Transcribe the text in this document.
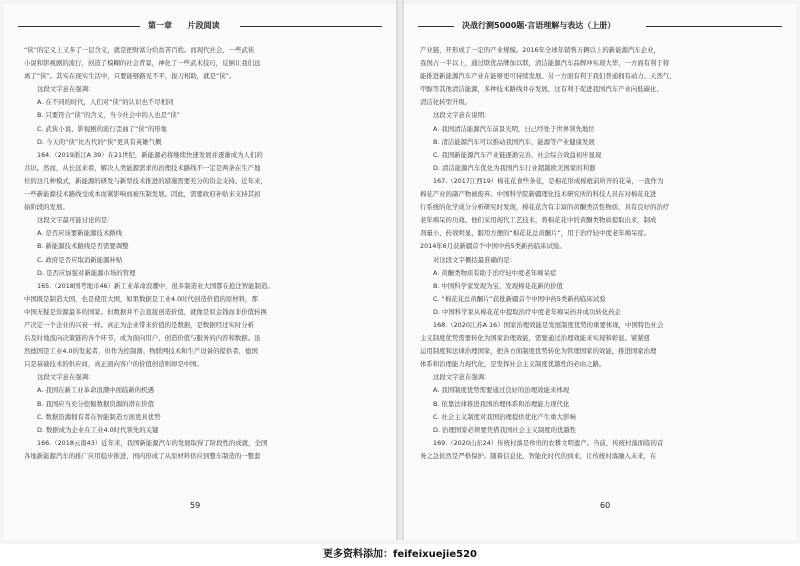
第一章 片段阅读

“侠”的定义上又多了一层含义，就是把财富分给贫苦百姓。而现代社会，一些武侠

小说和影视剧的流行，创造了模糊的社会背景，神化了一些武术技巧，反倒让我们远

离了“侠”。其实在现实生活中，只要能够路见不平，拔刀相助，就是“侠”。

这段文字意在强调：

A. 在不同的时代，人们对“侠”的认识也不尽相同

B. 只要符合“侠”的含义，当今社会中的人也是“侠”

C. 武侠小说、影视剧的流行歪曲了“侠”的形象

D. 今天的“侠”比古代的“侠”更具有英雄气概

164.（2019浙江A 39）在21世纪，新能源必将继续快速发展并逐渐成为人们的

共识。然而，从长远来看，解决人类能源需求的治理技术路线不一定是两条在生产地

位的这几种模式，新能源的研发与新型技术推进的措施需要充分的资金支持。近年来，

一些新能源技术路线受成本而紧影响而被压制发展。因此，需要政府补贴来支持其初

始阶段的发展。

这段文字最可能讨论的是：

A. 是否应该要新能源技术路线

B. 新能源技术路线是否需要调整

C. 政府是否应取消新能源补贴

D. 是否应加强对新能源市场的管理

165.（2018国考地市46）新工业革命浪潮中，很多制造业大国都在抢注智能制造。

中国既是制造大国，也是使用大国，如果数据是工业4.0时代创造价值的原材料，那

中国无疑是资源最多的国家。但数据并不会直接创造价值，就像是原金钱而非价值转换

产决定一个企业的兴衰一样。真正为企业带来价值的是数据，是数据经过实时分析

后及时地流向决策链的各个环节，成为面向用户、创造价值与服务的内容和数据。虽

然德国是工业4.0的发起者，但作为控制器、物联网技术和生产设备的提供者，德国

只是基础技术的供应商，真正面向客户的价值创造则却是中国。

这段文字意在强调：

A. 我国在新工业革命浪潮中面临新的机遇

B. 我国应当充分挖掘数据资源的潜在价值

C. 数据资源拥有者在智能制造方面更具优势

D. 数据成为企业在工业4.0时代领先的关键

166.（2018云南43）近年来，我国新能源汽车的发展取得了阶段性的成就，全国

各地新能源汽车的推广应用稳步推进，国内形成了从原材料供应到整车制造的一整套

59
决战行测5000题·言语理解与表达（上册）

产业链，开形成了一定的产业规模。2016年全球年销售万辆以上的新能源汽车企业，

我国占一半以上，通过联优品牌加以联，清洁能源汽车品牌冲实现大华，一方面有利于将

能推进新能源汽车产业在能够更可持续发展。另一方面有利于我们普通拥有动力、天然气、

甲醇等其他清洁能源，多种技术路线并存发展，这有利于促进我国汽车产业向低碳化、

清洁化转型升级。

这段文字意在说明：

A. 我国清洁能源汽车前景光明，日已经处于世界领先地位

B. 清洁能源汽车可以推动我国汽车、能源等产业健康发展

C. 我国新能源汽车产业链逐渐完善，社会综合效益初步显现

D. 清洁能源汽车优化为我国汽车行业超越欧美国家的利器

167.（2017江西19）棉花花食些条花，是棉花形成棉植前所开的花朵，一直作为

棉花产业的副产物被废弃。中国科学院新疆理化技术研究所的科技人员在对棉花花进

行系统的化学成分分析研究时发现，棉花花含有丰富的黄酮类活性物质，具有良好的治疗

老年痴呆的功效。他们采用现代工艺技术，将棉花花中的黄酮类物质提取出来，制成

剂量小、药效明显、服用方便的“棉花花总黄酮片”，用于治疗轻中度老年痴呆症。

2014年6月获新疆首个中国中药5类新药临床试验。

对这段文字概括最准确的是：

A. 黄酮类物质有助于治疗轻中度老年痴呆症

B. 中国科学家发现为宝，发现棉花花新的价值

C. “棉花花总黄酮片”获批新疆首个中国中药5类新药临床试验

D. 中国科学家从棉花花中提取治疗中度老年痴呆药并成功转化药企

168.（2020江苏A 16）国家治理效能是发展制度优势的重要体现，中国特色社会

主义制度优势需要转化为国家治理效能，需要通过治理效能来实现和彰显。紧紧扭

运用制度和法律治理国家，把各方面制度优势转化为管理国家的效能，推进国家治理

体系和治理能力现代化，是发挥社会主义制度优越性的必由之路。

这段文字意在强调：

A. 我国制度优势需要通过良好的治理效能来体现

B. 依靠法律推进我国治理体系和治理能力现代化

C. 社会主义制度对我国治理提供优化产生重大影响

D. 治理国家必须要凭借我国社会主义制度的优越性

169.（2020山东24）传统村落是珍贵的农耕文明遗产。当前，传统村落面临的首

务之急依然是严格保护。随着信息化、智能化时代的到来，让传统村落融入未来，在

60
更多资料添加：feifeixuejie520
